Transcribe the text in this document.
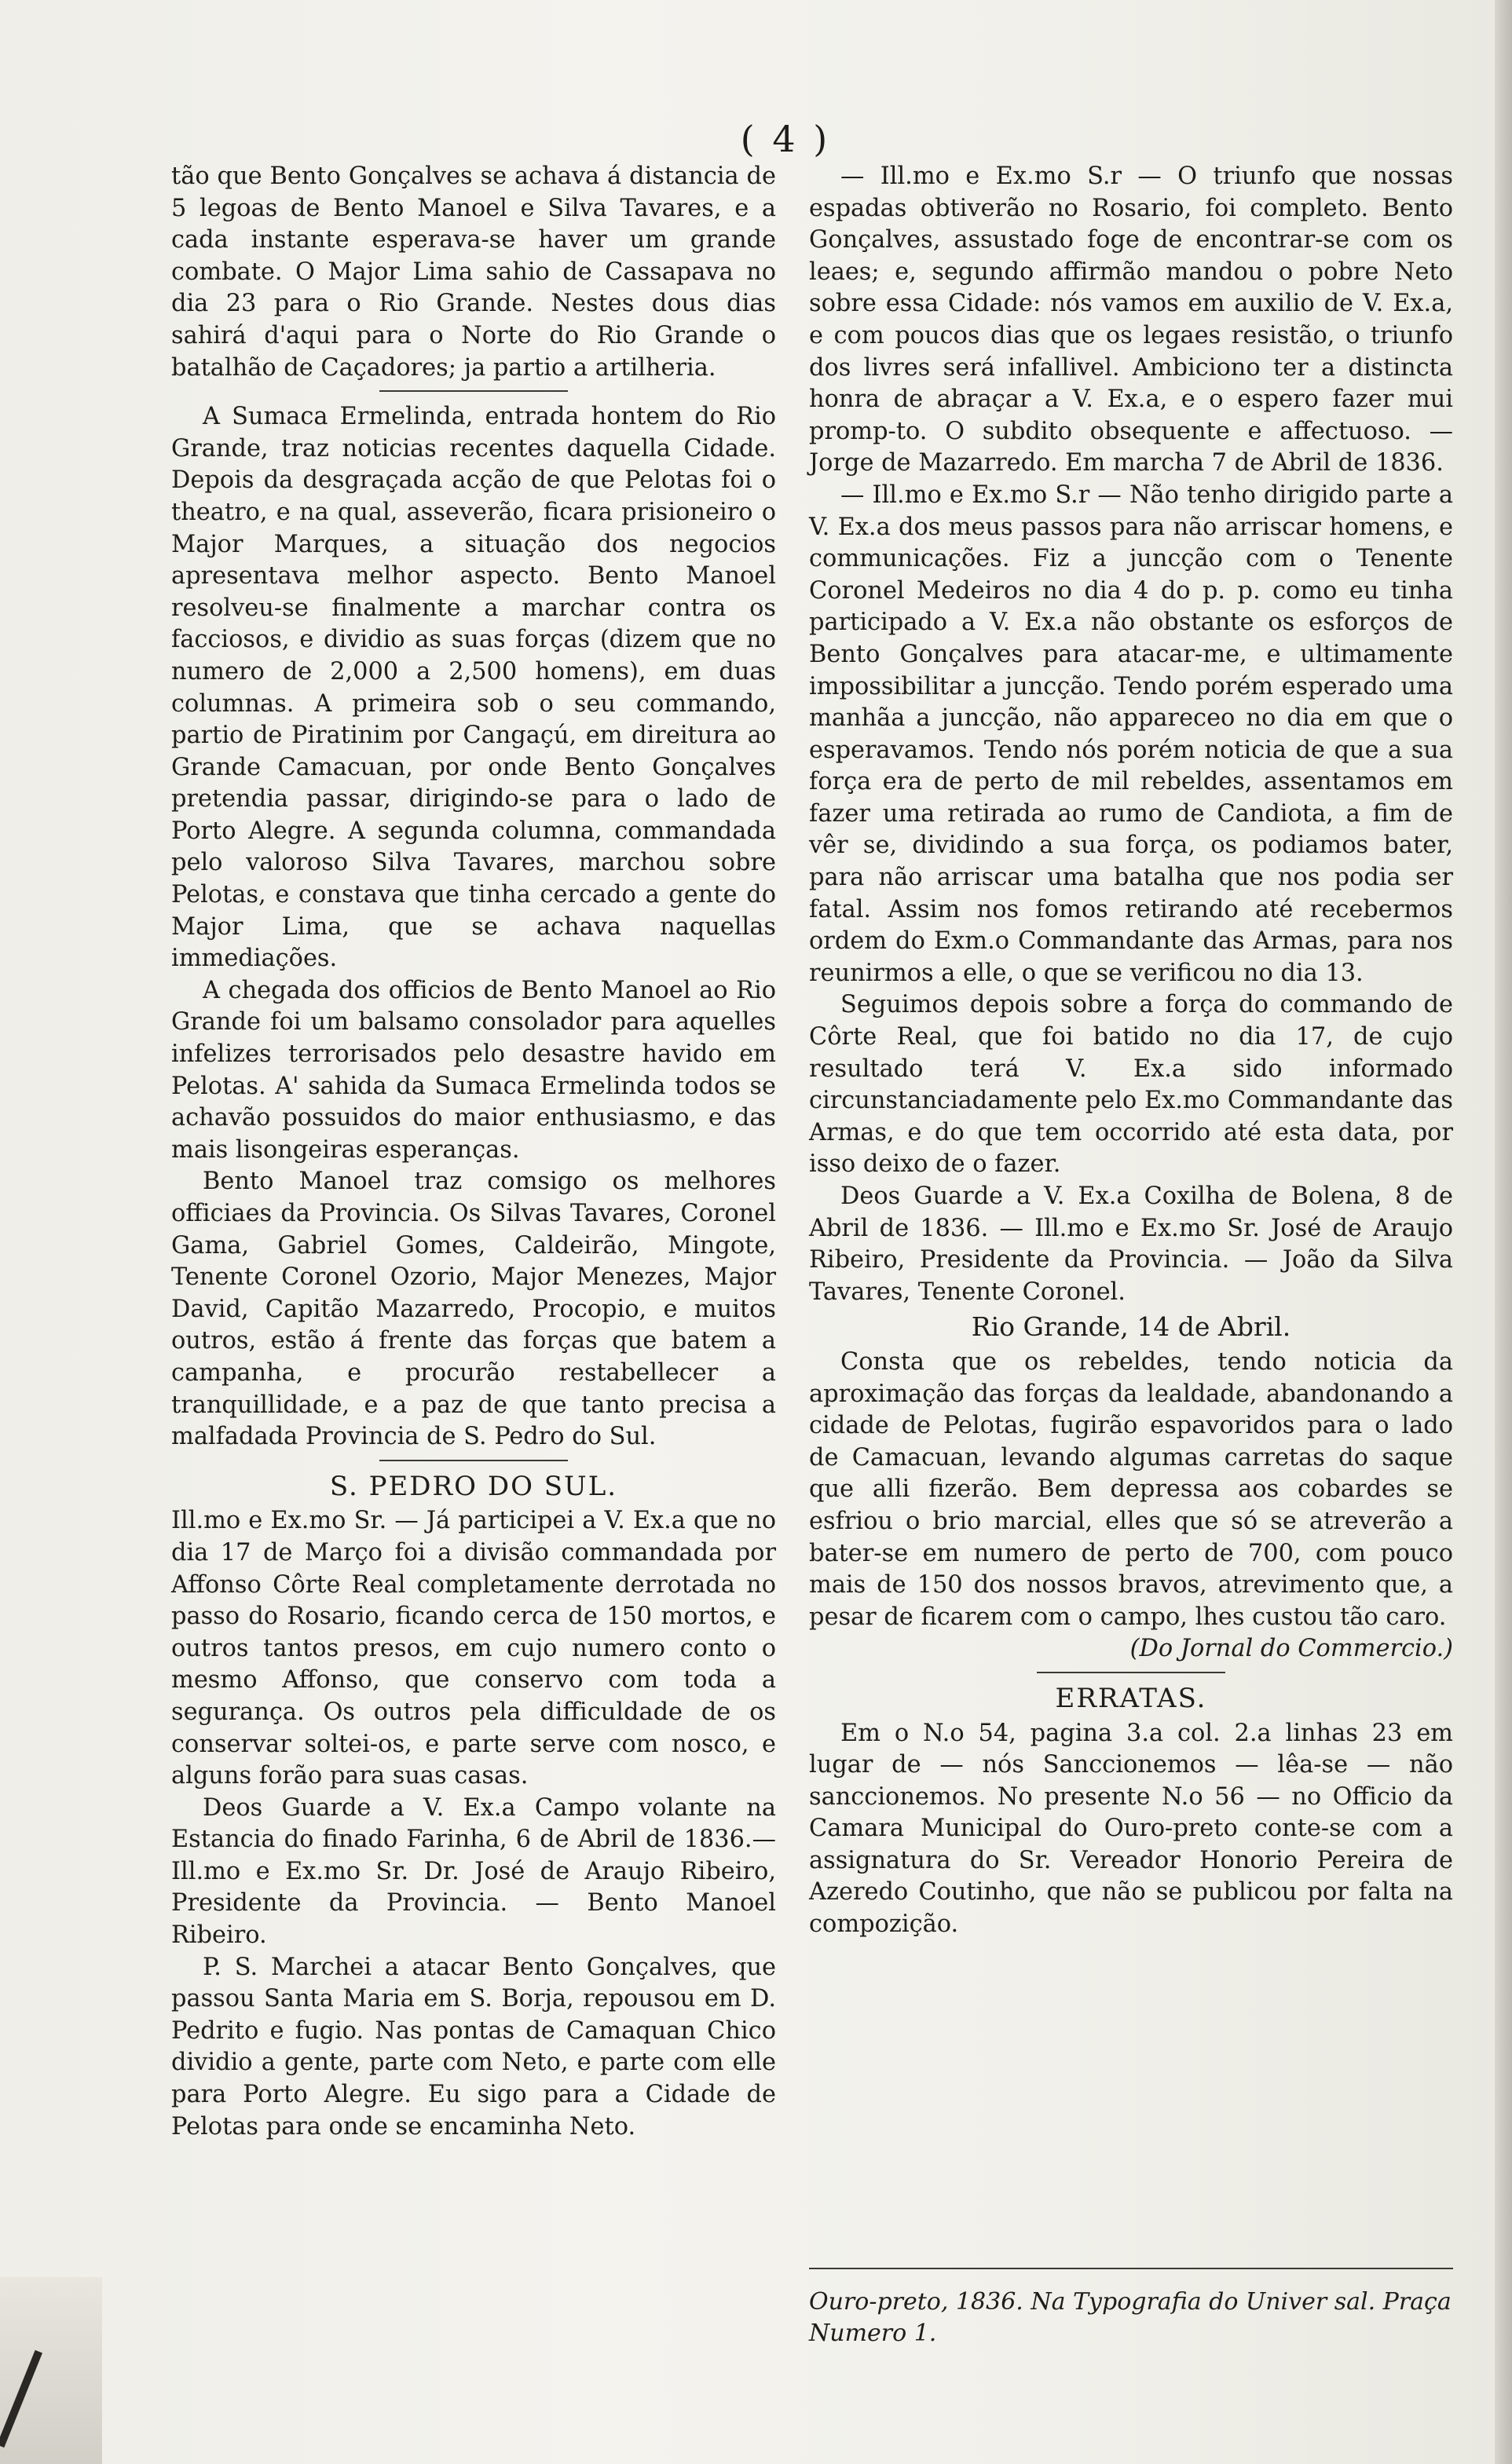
( 4 )

tão que Bento Gonçalves se achava á distancia de 5 legoas de Bento Manoel e Silva Tavares, e a cada instante esperava-se haver um grande combate. O Major Lima sahio de Cassapava no dia 23 para o Rio Grande. Nestes dous dias sahirá d'aqui para o Norte do Rio Grande o batalhão de Caçadores; ja partio a artilheria.

A Sumaca Ermelinda, entrada hontem do Rio Grande, traz noticias recentes daquella Cidade. Depois da desgraçada acção de que Pelotas foi o theatro, e na qual, asseverão, ficara prisioneiro o Major Marques, a situação dos negocios apresentava melhor aspecto. Bento Manoel resolveu-se finalmente a marchar contra os facciosos, e dividio as suas forças (dizem que no numero de 2,000 a 2,500 homens), em duas columnas. A primeira sob o seu commando, partio de Piratinim por Cangaçú, em direitura ao Grande Camacuan, por onde Bento Gonçalves pretendia passar, dirigindo-se para o lado de Porto Alegre. A segunda columna, commandada pelo valoroso Silva Tavares, marchou sobre Pelotas, e constava que tinha cercado a gente do Major Lima, que se achava naquellas immediações.

A chegada dos officios de Bento Manoel ao Rio Grande foi um balsamo consolador para aquelles infelizes terrorisados pelo desastre havido em Pelotas. A' sahida da Sumaca Ermelinda todos se achavão possuidos do maior enthusiasmo, e das mais lisongeiras esperanças.

Bento Manoel traz comsigo os melhores officiaes da Provincia. Os Silvas Tavares, Coronel Gama, Gabriel Gomes, Caldeirão, Mingote, Tenente Coronel Ozorio, Major Menezes, Major David, Capitão Mazarredo, Procopio, e muitos outros, estão á frente das forças que batem a campanha, e procurão restabellecer a tranquillidade, e a paz de que tanto precisa a malfadada Provincia de S. Pedro do Sul.

S. PEDRO DO SUL.

Ill.mo e Ex.mo Sr. — Já participei a V. Ex.a que no dia 17 de Março foi a divisão commandada por Affonso Côrte Real completamente derrotada no passo do Rosario, ficando cerca de 150 mortos, e outros tantos presos, em cujo numero conto o mesmo Affonso, que conservo com toda a segurança. Os outros pela difficuldade de os conservar soltei-os, e parte serve com nosco, e alguns forão para suas casas.

Deos Guarde a V. Ex.a Campo volante na Estancia do finado Farinha, 6 de Abril de 1836.— Ill.mo e Ex.mo Sr. Dr. José de Araujo Ribeiro, Presidente da Provincia. — Bento Manoel Ribeiro.

P. S. Marchei a atacar Bento Gonçalves, que passou Santa Maria em S. Borja, repousou em D. Pedrito e fugio. Nas pontas de Camaquan Chico dividio a gente, parte com Neto, e parte com elle para Porto Alegre. Eu sigo para a Cidade de Pelotas para onde se encaminha Neto.

— Ill.mo e Ex.mo S.r — O triunfo que nossas espadas obtiverão no Rosario, foi completo. Bento Gonçalves, assustado foge de encontrar-se com os leaes; e, segundo affirmão mandou o pobre Neto sobre essa Cidade: nós vamos em auxilio de V. Ex.a, e com poucos dias que os legaes resistão, o triunfo dos livres será infallivel. Ambiciono ter a distincta honra de abraçar a V. Ex.a, e o espero fazer mui promp-to. O subdito obsequente e affectuoso. — Jorge de Mazarredo. Em marcha 7 de Abril de 1836.

— Ill.mo e Ex.mo S.r — Não tenho dirigido parte a V. Ex.a dos meus passos para não arriscar homens, e communicações. Fiz a juncção com o Tenente Coronel Medeiros no dia 4 do p. p. como eu tinha participado a V. Ex.a não obstante os esforços de Bento Gonçalves para atacar-me, e ultimamente impossibilitar a juncção. Tendo porém esperado uma manhãa a juncção, não appareceo no dia em que o esperavamos. Tendo nós porém noticia de que a sua força era de perto de mil rebeldes, assentamos em fazer uma retirada ao rumo de Candiota, a fim de vêr se, dividindo a sua força, os podiamos bater, para não arriscar uma batalha que nos podia ser fatal. Assim nos fomos retirando até recebermos ordem do Exm.o Commandante das Armas, para nos reunirmos a elle, o que se verificou no dia 13.

Seguimos depois sobre a força do commando de Côrte Real, que foi batido no dia 17, de cujo resultado terá V. Ex.a sido informado circunstanciadamente pelo Ex.mo Commandante das Armas, e do que tem occorrido até esta data, por isso deixo de o fazer.

Deos Guarde a V. Ex.a Coxilha de Bolena, 8 de Abril de 1836. — Ill.mo e Ex.mo Sr. José de Araujo Ribeiro, Presidente da Provincia. — João da Silva Tavares, Tenente Coronel.

Rio Grande, 14 de Abril.

Consta que os rebeldes, tendo noticia da aproximação das forças da lealdade, abandonando a cidade de Pelotas, fugirão espavoridos para o lado de Camacuan, levando algumas carretas do saque que alli fizerão. Bem depressa aos cobardes se esfriou o brio marcial, elles que só se atreverão a bater-se em numero de perto de 700, com pouco mais de 150 dos nossos bravos, atrevimento que, a pesar de ficarem com o campo, lhes custou tão caro.

(Do Jornal do Commercio.)
ERRATAS.

Em o N.o 54, pagina 3.a col. 2.a linhas 23 em lugar de — nós Sanccionemos — lêa-se — não sanccionemos. No presente N.o 56 — no Officio da Camara Municipal do Ouro-preto conte-se com a assignatura do Sr. Vereador Honorio Pereira de Azeredo Coutinho, que não se publicou por falta na compozição.

Ouro-preto, 1836. Na Typografia do Univer sal. Praça Numero 1.
